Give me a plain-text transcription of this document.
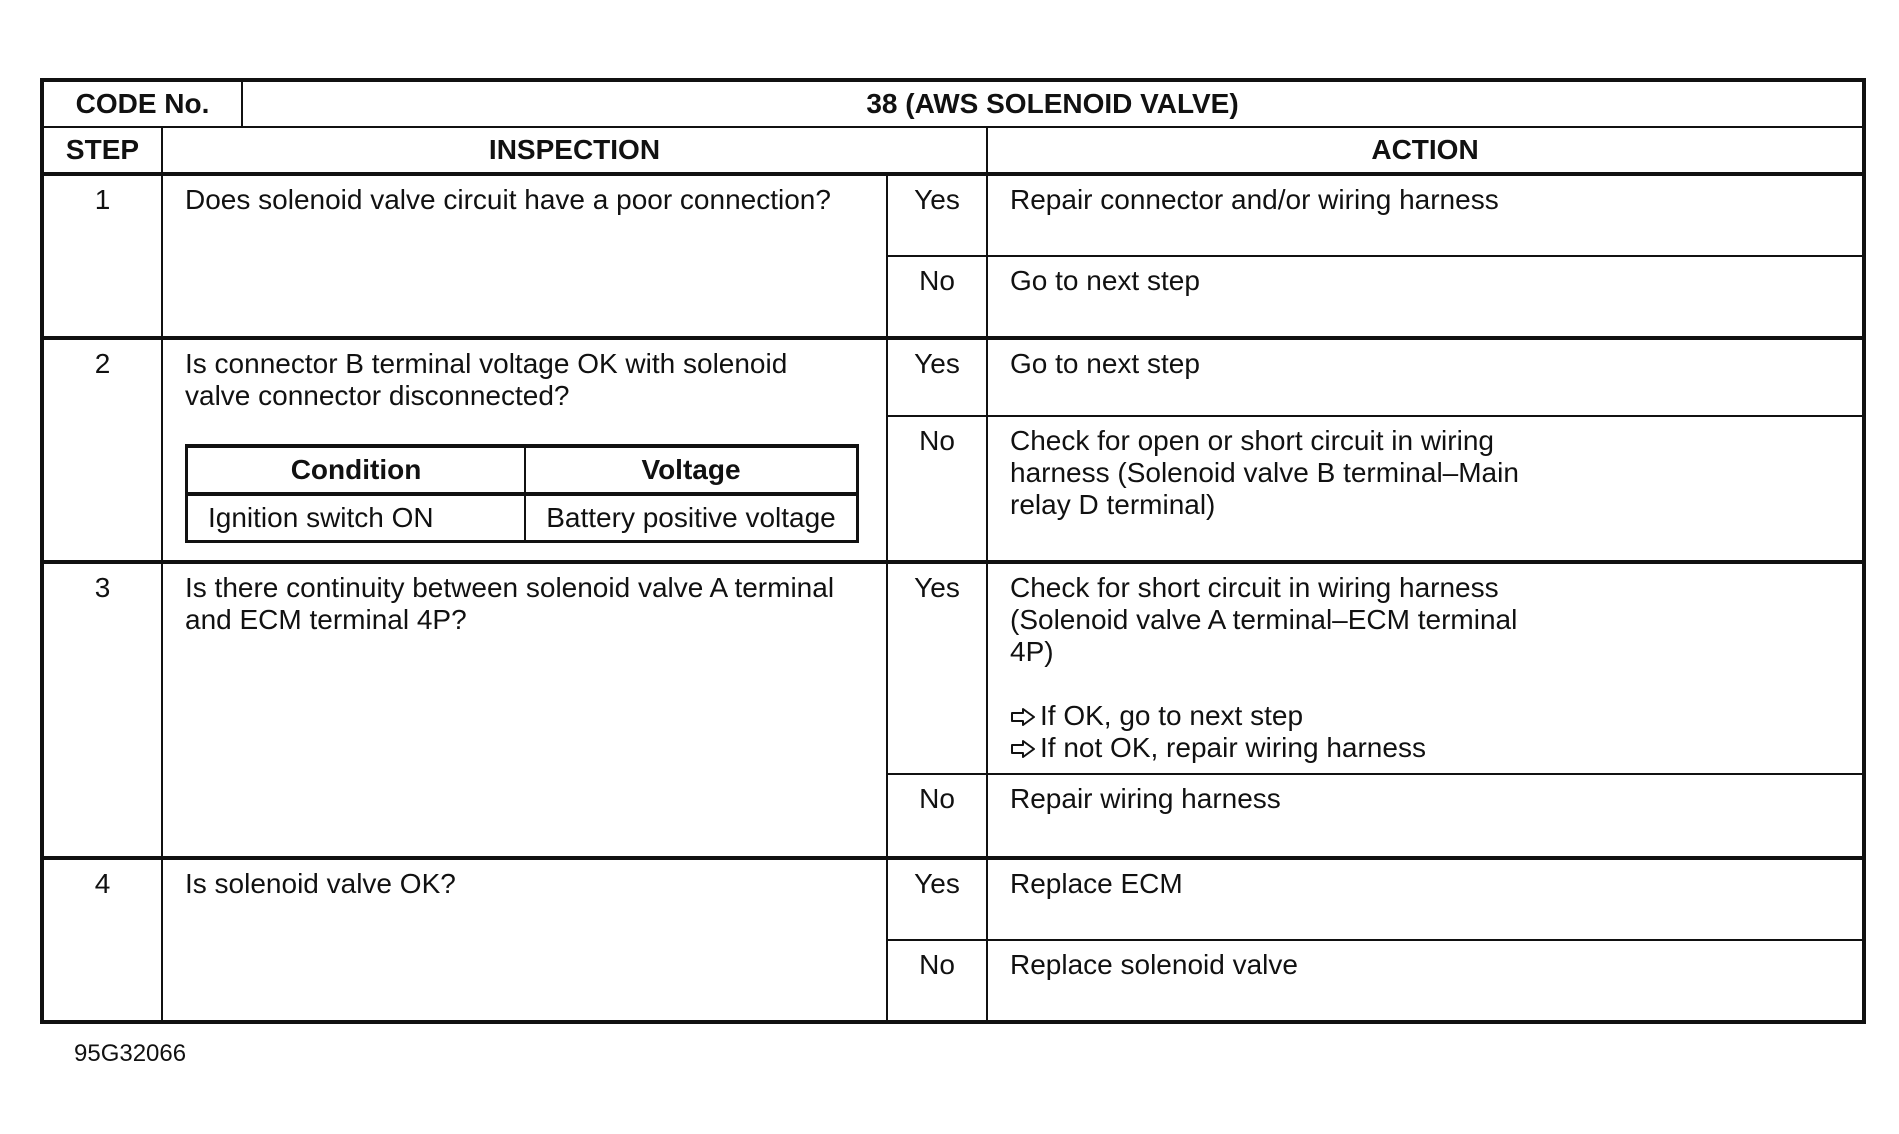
CODE No.	38 (AWS SOLENOID VALVE)
STEP	INSPECTION	ACTION
1	Does solenoid valve circuit have a poor connection?	Yes	Repair connector and/or wiring harness
No	Go to next step
2	Is connector B terminal voltage OK with solenoid
valve connector disconnected?
Condition	Voltage
Ignition switch ON	Battery positive voltage
	Yes	Go to next step
No	Check for open or short circuit in wiring
harness (Solenoid valve B terminal–Main
relay D terminal)

3	Is there continuity between solenoid valve A terminal
and ECM terminal 4P?
	Yes	Check for short circuit in wiring harness
(Solenoid valve A terminal–ECM terminal
4P)
If OK, go to next step
If not OK, repair wiring harness

No	Repair wiring harness
4	Is solenoid valve OK?	Yes	Replace ECM
No	Replace solenoid valve
95G32066
